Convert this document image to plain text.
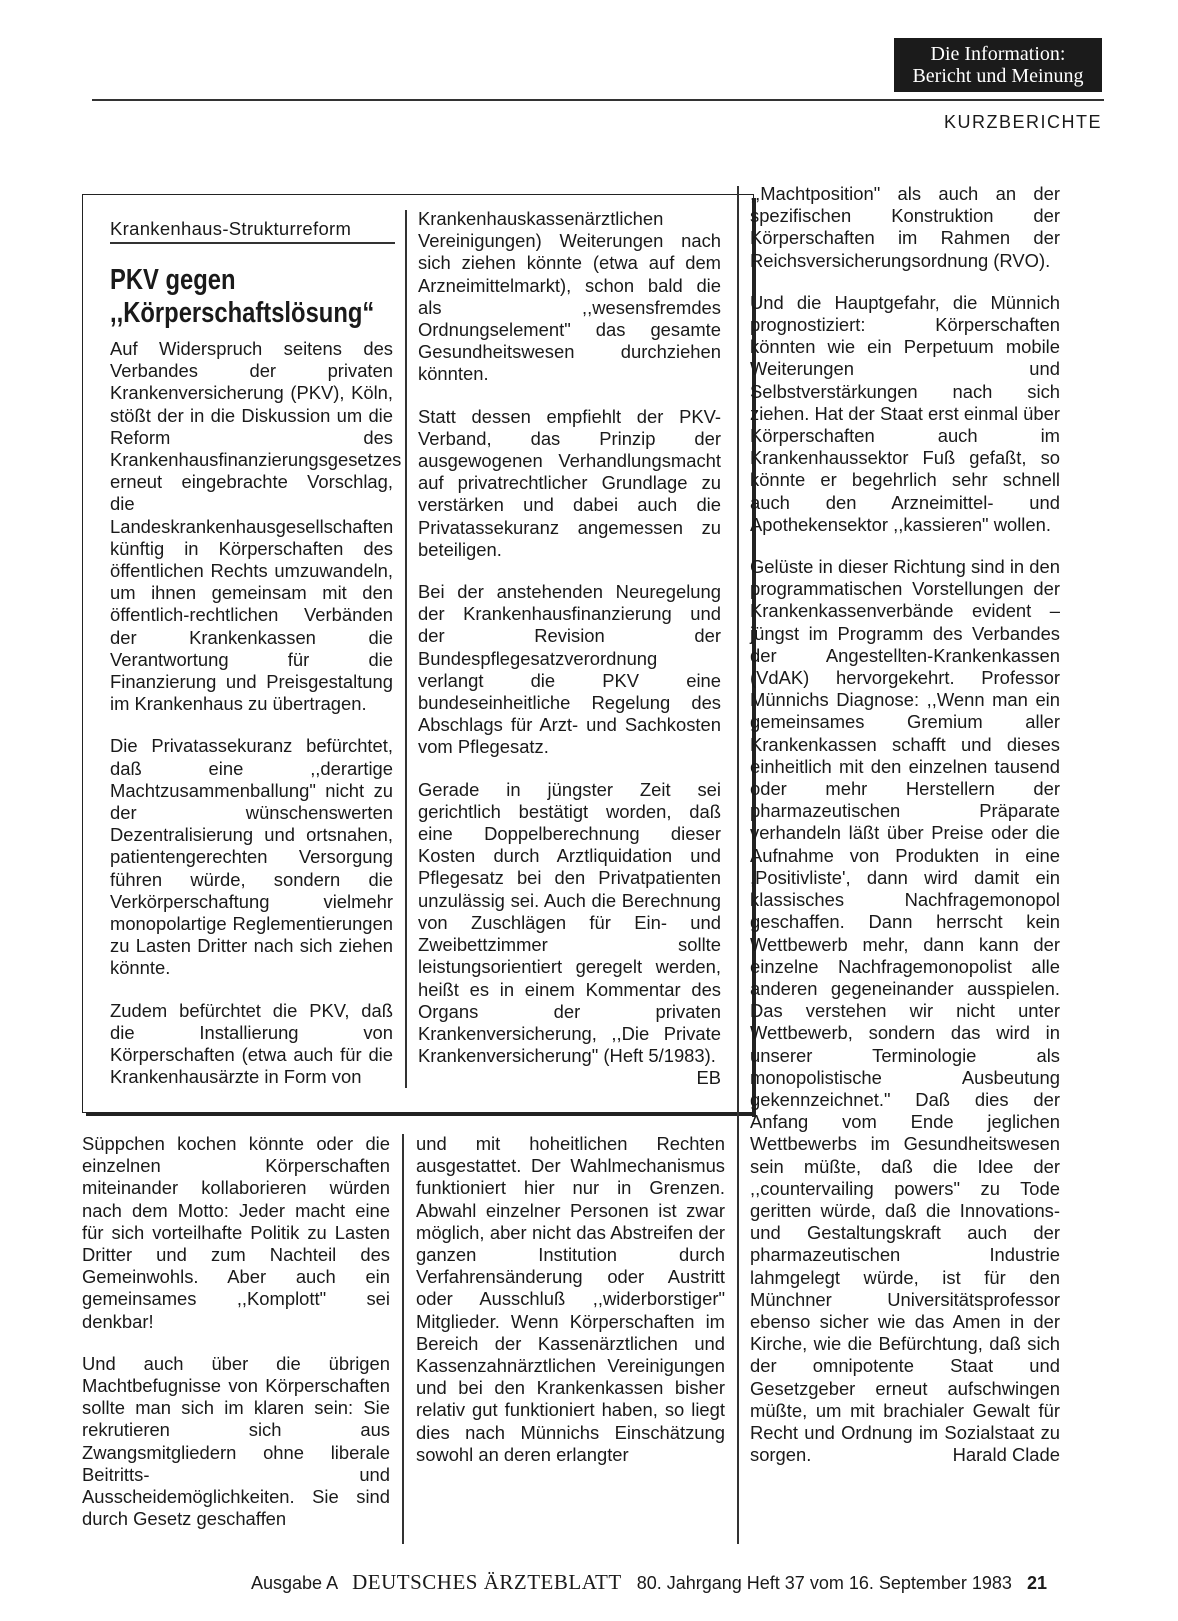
Die Information:
Bericht und Meinung
KURZBERICHTE
Krankenhaus-Strukturreform
PKV gegen
,,Körperschaftslösung“

Auf Widerspruch seitens des Verbandes der privaten Krankenversicherung (PKV), Köln, stößt der in die Diskussion um die Reform des Krankenhausfinanzierungsgesetzes erneut eingebrachte Vorschlag, die Landeskrankenhausgesellschaften künftig in Körperschaften des öffentlichen Rechts umzuwandeln, um ihnen gemeinsam mit den öffentlich-rechtlichen Verbänden der Krankenkassen die Verantwortung für die Finanzierung und Preisgestaltung im Krankenhaus zu übertragen.

Die Privatassekuranz befürchtet, daß eine ,,derartige Machtzusammenballung" nicht zu der wünschenswerten Dezentralisierung und ortsnahen, patientengerechten Versorgung führen würde, sondern die Verkörperschaftung vielmehr monopolartige Reglementierungen zu Lasten Dritter nach sich ziehen könnte.

Zudem befürchtet die PKV, daß die Installierung von Körperschaften (etwa auch für die Krankenhausärzte in Form von

Krankenhauskassenärztlichen Vereinigungen) Weiterungen nach sich ziehen könnte (etwa auf dem Arzneimittelmarkt), schon bald die als ,,wesensfremdes Ordnungselement" das gesamte Gesundheitswesen durchziehen könnten.

Statt dessen empfiehlt der PKV-Verband, das Prinzip der ausgewogenen Verhandlungsmacht auf privatrechtlicher Grundlage zu verstärken und dabei auch die Privatassekuranz angemessen zu beteiligen.

Bei der anstehenden Neuregelung der Krankenhausfinanzierung und der Revision der Bundespflegesatzverordnung verlangt die PKV eine bundeseinheitliche Regelung des Abschlags für Arzt- und Sachkosten vom Pflegesatz.

Gerade in jüngster Zeit sei gerichtlich bestätigt worden, daß eine Doppelberechnung dieser Kosten durch Arztliquidation und Pflegesatz bei den Privatpatienten unzulässig sei. Auch die Berechnung von Zuschlägen für Ein- und Zweibettzimmer sollte leistungsorientiert geregelt werden, heißt es in einem Kommentar des Organs der privaten Krankenversicherung, ,,Die Private Krankenversicherung" (Heft 5/1983).
EB

Süppchen kochen könnte oder die einzelnen Körperschaften miteinander kollaborieren würden nach dem Motto: Jeder macht eine für sich vorteilhafte Politik zu Lasten Dritter und zum Nachteil des Gemeinwohls. Aber auch ein gemeinsames ,,Komplott" sei denkbar!

Und auch über die übrigen Machtbefugnisse von Körperschaften sollte man sich im klaren sein: Sie rekrutieren sich aus Zwangsmitgliedern ohne liberale Beitritts- und Ausscheidemöglichkeiten. Sie sind durch Gesetz geschaffen

und mit hoheitlichen Rechten ausgestattet. Der Wahlmechanismus funktioniert hier nur in Grenzen. Abwahl einzelner Personen ist zwar möglich, aber nicht das Abstreifen der ganzen Institution durch Verfahrensänderung oder Austritt oder Ausschluß ,,widerborstiger" Mitglieder. Wenn Körperschaften im Bereich der Kassenärztlichen und Kassenzahnärztlichen Vereinigungen und bei den Krankenkassen bisher relativ gut funktioniert haben, so liegt dies nach Münnichs Einschätzung sowohl an deren erlangter

,,Machtposition" als auch an der spezifischen Konstruktion der Körperschaften im Rahmen der Reichsversicherungsordnung (RVO).

Und die Hauptgefahr, die Münnich prognostiziert: Körperschaften könnten wie ein Perpetuum mobile Weiterungen und Selbstverstärkungen nach sich ziehen. Hat der Staat erst einmal über Körperschaften auch im Krankenhaussektor Fuß gefaßt, so könnte er begehrlich sehr schnell auch den Arzneimittel- und Apothekensektor ,,kassieren" wollen.

Gelüste in dieser Richtung sind in den programmatischen Vorstellungen der Krankenkassenverbände evident – jüngst im Programm des Verbandes der Angestellten-Krankenkassen (VdAK) hervorgekehrt. Professor Münnichs Diagnose: ,,Wenn man ein gemeinsames Gremium aller Krankenkassen schafft und dieses einheitlich mit den einzelnen tausend oder mehr Herstellern der pharmazeutischen Präparate verhandeln läßt über Preise oder die Aufnahme von Produkten in eine ,Positivliste', dann wird damit ein klassisches Nachfragemonopol geschaffen. Dann herrscht kein Wettbewerb mehr, dann kann der einzelne Nachfragemonopolist alle anderen gegeneinander ausspielen. Das verstehen wir nicht unter Wettbewerb, sondern das wird in unserer Terminologie als monopolistische Ausbeutung gekennzeichnet." Daß dies der Anfang vom Ende jeglichen Wettbewerbs im Gesundheitswesen sein müßte, daß die Idee der ,,countervailing powers" zu Tode geritten würde, daß die Innovations- und Gestaltungskraft auch der pharmazeutischen Industrie lahmgelegt würde, ist für den Münchner Universitätsprofessor ebenso sicher wie das Amen in der Kirche, wie die Befürchtung, daß sich der omnipotente Staat und Gesetzgeber erneut aufschwingen müßte, um mit brachialer Gewalt für Recht und Ordnung im Sozialstaat zu sorgen.	Harald Clade

Ausgabe A DEUTSCHES ÄRZTEBLATT 80. Jahrgang Heft 37 vom 16. September 1983 21
